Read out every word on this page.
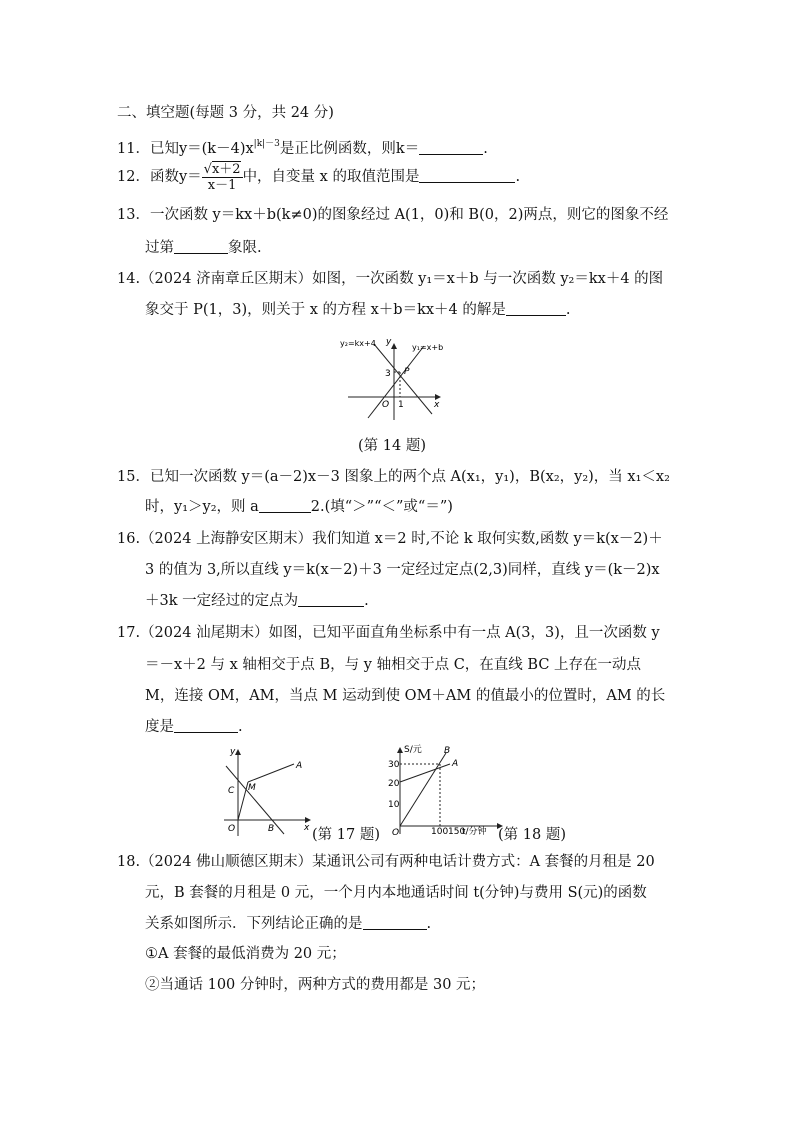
二、填空题(每题 3 分，共 24 分)
11．已知$y=(k-4)x^{|k|-3}$是正比例函数，则k＝	.
12．函数$y= \frac{√x+2}{x-1}$ 中，自变量 x 的取值范围是	.
13．一次函数 y＝kx＋b(k≠0)的图象经过 A(1，0)和 B(0，2)两点，则它的图象不经
过第	象限.
14.（2024 济南章丘区期末）如图，一次函数 y₁＝x＋b 与一次函数 y₂＝kx＋4 的图
象交于 P(1，3)，则关于 x 的方程 x＋b＝kx＋4 的解是	.
y₂=kx+4	y₁=x+b
y
x
O
P
3
1
(第 14 题)
15．已知一次函数 y＝(a－2)x－3 图象上的两个点 A(x₁，y₁)，B(x₂，y₂)，当 x₁＜x₂
时，y₁＞y₂，则 a	2.(填“＞”“＜”或“＝”)
16.（2024 上海静安区期末）我们知道 x＝2 时,不论 k 取何实数,函数 y＝k(x－2)＋
3 的值为 3,所以直线 y＝k(x－2)＋3 一定经过定点(2,3)同样，直线 y＝(k－2)x
＋3k 一定经过的定点为	.
17.（2024 汕尾期末）如图，已知平面直角坐标系中有一点 A(3，3)，且一次函数 y
＝－x＋2 与 x 轴相交于点 B，与 y 轴相交于点 C，在直线 BC 上存在一动点
M，连接 OM，AM，当点 M 运动到使 OM＋AM 的值最小的位置时，AM 的长
度是	.
y
x
O
A
B
C M
(第 17 题)
S/元
t/分钟
O
A
B
10
20
30
100 150 (第 18 题)
18.（2024 佛山顺德区期末）某通讯公司有两种电话计费方式：A 套餐的月租是 20
元，B 套餐的月租是 0 元，一个月内本地通话时间 t(分钟)与费用 S(元)的函数
关系如图所示．下列结论正确的是	.
①A 套餐的最低消费为 20 元；
②当通话 100 分钟时，两种方式的费用都是 30 元；
